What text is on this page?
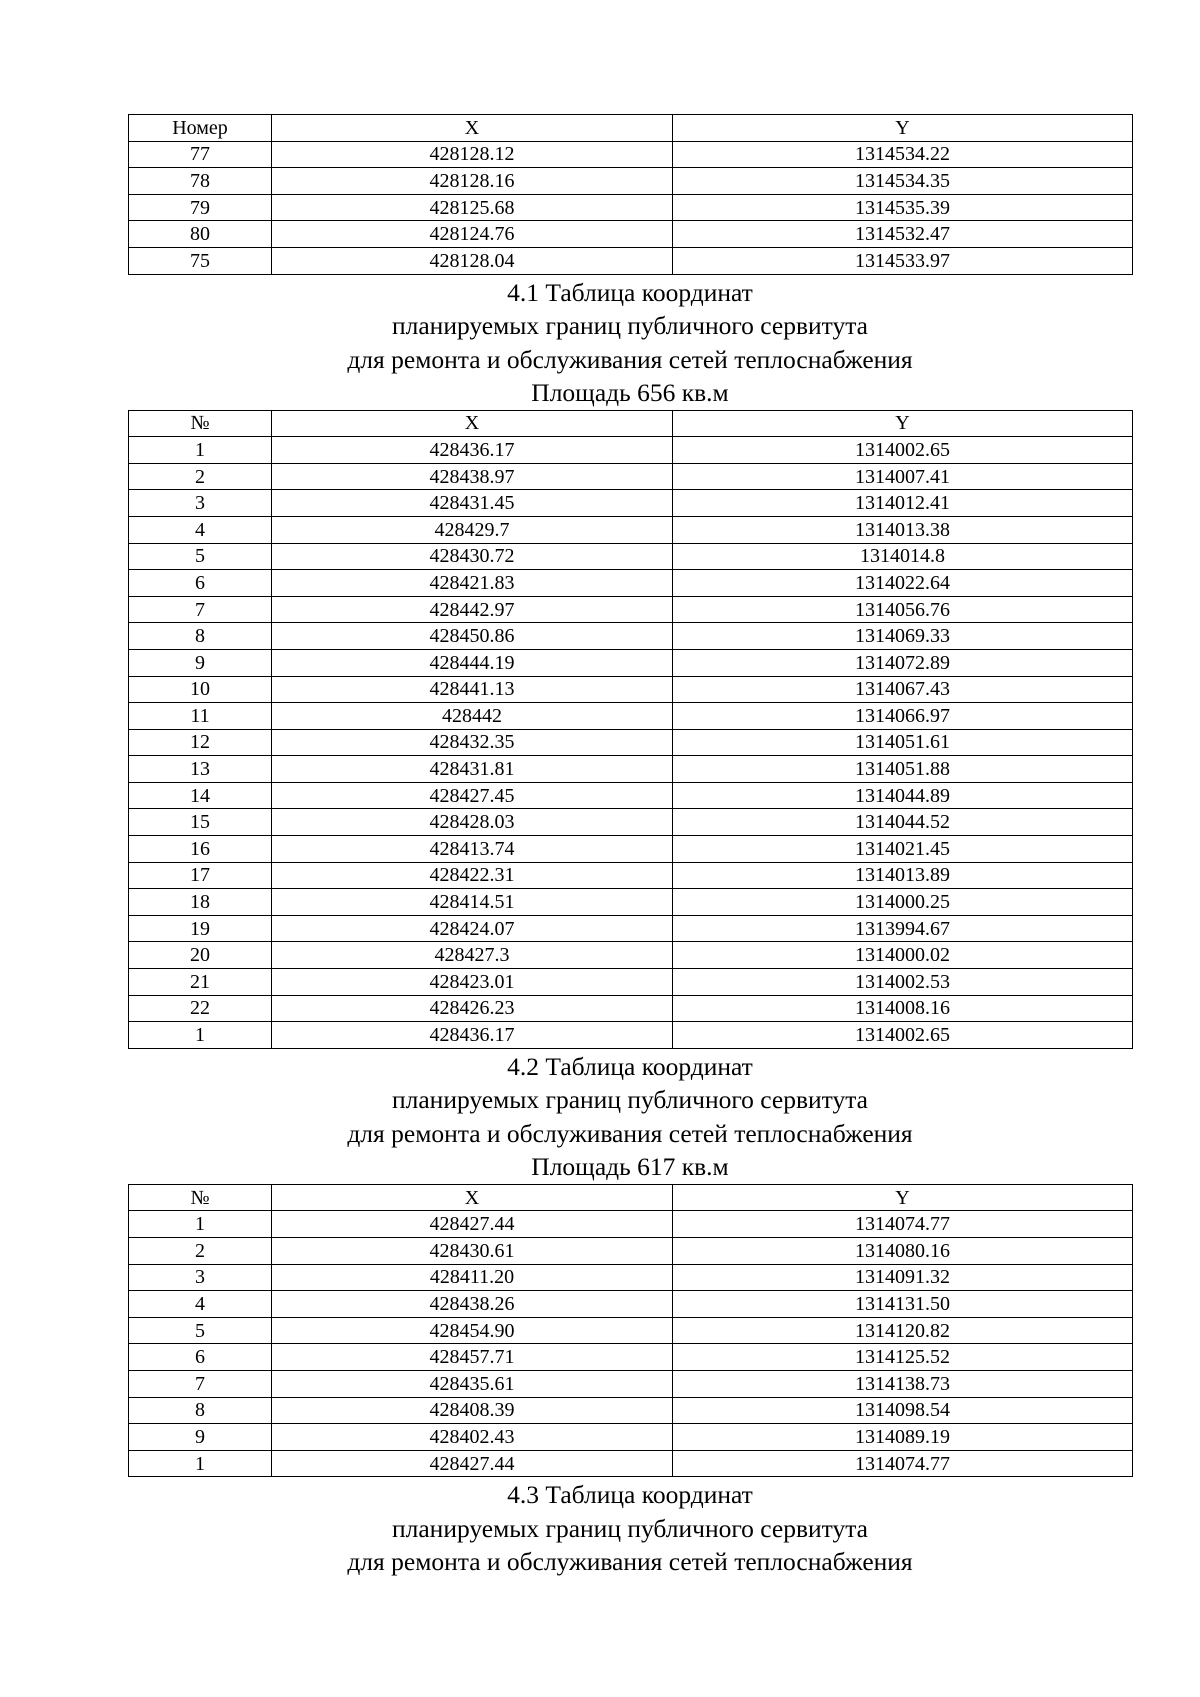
Номер	X	Y
77	428128.12	1314534.22
78	428128.16	1314534.35
79	428125.68	1314535.39
80	428124.76	1314532.47
75	428128.04	1314533.97
4.1 Таблица координат
планируемых границ публичного сервитута
для ремонта и обслуживания сетей теплоснабжения
Площадь 656 кв.м
№	X	Y
1	428436.17	1314002.65
2	428438.97	1314007.41
3	428431.45	1314012.41
4	428429.7	1314013.38
5	428430.72	1314014.8
6	428421.83	1314022.64
7	428442.97	1314056.76
8	428450.86	1314069.33
9	428444.19	1314072.89
10	428441.13	1314067.43
11	428442	1314066.97
12	428432.35	1314051.61
13	428431.81	1314051.88
14	428427.45	1314044.89
15	428428.03	1314044.52
16	428413.74	1314021.45
17	428422.31	1314013.89
18	428414.51	1314000.25
19	428424.07	1313994.67
20	428427.3	1314000.02
21	428423.01	1314002.53
22	428426.23	1314008.16
1	428436.17	1314002.65
4.2 Таблица координат
планируемых границ публичного сервитута
для ремонта и обслуживания сетей теплоснабжения
Площадь 617 кв.м
№	X	Y
1	428427.44	1314074.77
2	428430.61	1314080.16
3	428411.20	1314091.32
4	428438.26	1314131.50
5	428454.90	1314120.82
6	428457.71	1314125.52
7	428435.61	1314138.73
8	428408.39	1314098.54
9	428402.43	1314089.19
1	428427.44	1314074.77
4.3 Таблица координат
планируемых границ публичного сервитута
для ремонта и обслуживания сетей теплоснабжения
